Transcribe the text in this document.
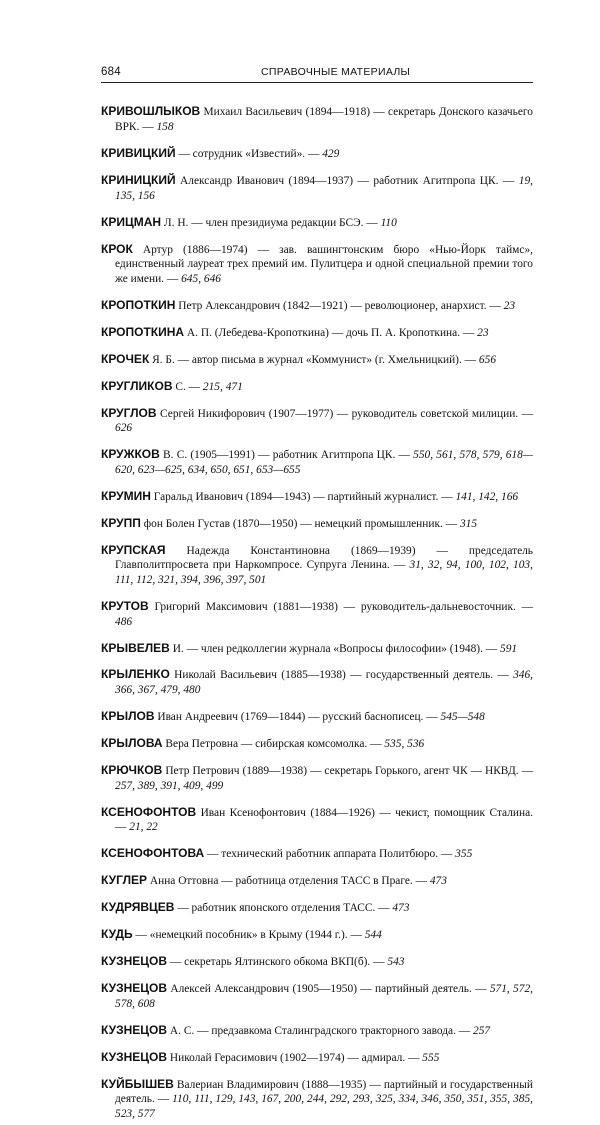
684	СПРАВОЧНЫЕ МАТЕРИАЛЫ

КРИВОШЛЫКОВ Михаил Васильевич (1894—1918) — секретарь Донского казачьего ВРК. — 158

КРИВИЦКИЙ — сотрудник «Известий». — 429

КРИНИЦКИЙ Александр Иванович (1894—1937) — работник Агитпропа ЦК. — 19, 135, 156

КРИЦМАН Л. Н. — член президиума редакции БСЭ. — 110

КРОК Артур (1886—1974) — зав. вашингтонским бюро «Нью-Йорк таймс», единственный лауреат трех премий им. Пулитцера и одной специальной премии того же имени. — 645, 646

КРОПОТКИН Петр Александрович (1842—1921) — революционер, анархист. — 23

КРОПОТКИНА А. П. (Лебедева-Кропоткина) — дочь П. А. Кропоткина. — 23

КРОЧЕК Я. Б. — автор письма в журнал «Коммунист» (г. Хмельницкий). — 656

КРУГЛИКОВ С. — 215, 471

КРУГЛОВ Сергей Никифорович (1907—1977) — руководитель советской милиции. — 626

КРУЖКОВ В. С. (1905—1991) — работник Агитпропа ЦК. — 550, 561, 578, 579, 618—620, 623—625, 634, 650, 651, 653—655

КРУМИН Гаральд Иванович (1894—1943) — партийный журналист. — 141, 142, 166

КРУПП фон Болен Густав (1870—1950) — немецкий промышленник. — 315

КРУПСКАЯ Надежда Константиновна (1869—1939) — председатель Главполитпросвета при Наркомпросе. Супруга Ленина. — 31, 32, 94, 100, 102, 103, 111, 112, 321, 394, 396, 397, 501

КРУТОВ Григорий Максимович (1881—1938) — руководитель-дальневосточник. — 486

КРЫВЕЛЕВ И. — член редколлегии журнала «Вопросы философии» (1948). — 591

КРЫЛЕНКО Николай Васильевич (1885—1938) — государственный деятель. — 346, 366, 367, 479, 480

КРЫЛОВ Иван Андреевич (1769—1844) — русский баснописец. — 545—548

КРЫЛОВА Вера Петровна — сибирская комсомолка. — 535, 536

КРЮЧКОВ Петр Петрович (1889—1938) — секретарь Горького, агент ЧК — НКВД. — 257, 389, 391, 409, 499

КСЕНОФОНТОВ Иван Ксенофонтович (1884—1926) — чекист, помощник Сталина. — 21, 22

КСЕНОФОНТОВА — технический работник аппарата Политбюро. — 355

КУГЛЕР Анна Оттовна — работница отделения ТАСС в Праге. — 473

КУДРЯВЦЕВ — работник японского отделения ТАСС. — 473

КУДЬ — «немецкий пособник» в Крыму (1944 г.). — 544

КУЗНЕЦОВ — секретарь Ялтинского обкома ВКП(б). — 543

КУЗНЕЦОВ Алексей Александрович (1905—1950) — партийный деятель. — 571, 572, 578, 608

КУЗНЕЦОВ А. С. — предзавкома Сталинградского тракторного завода. — 257

КУЗНЕЦОВ Николай Герасимович (1902—1974) — адмирал. — 555

КУЙБЫШЕВ Валериан Владимирович (1888—1935) — партийный и государственный деятель. — 110, 111, 129, 143, 167, 200, 244, 292, 293, 325, 334, 346, 350, 351, 355, 385, 523, 577
